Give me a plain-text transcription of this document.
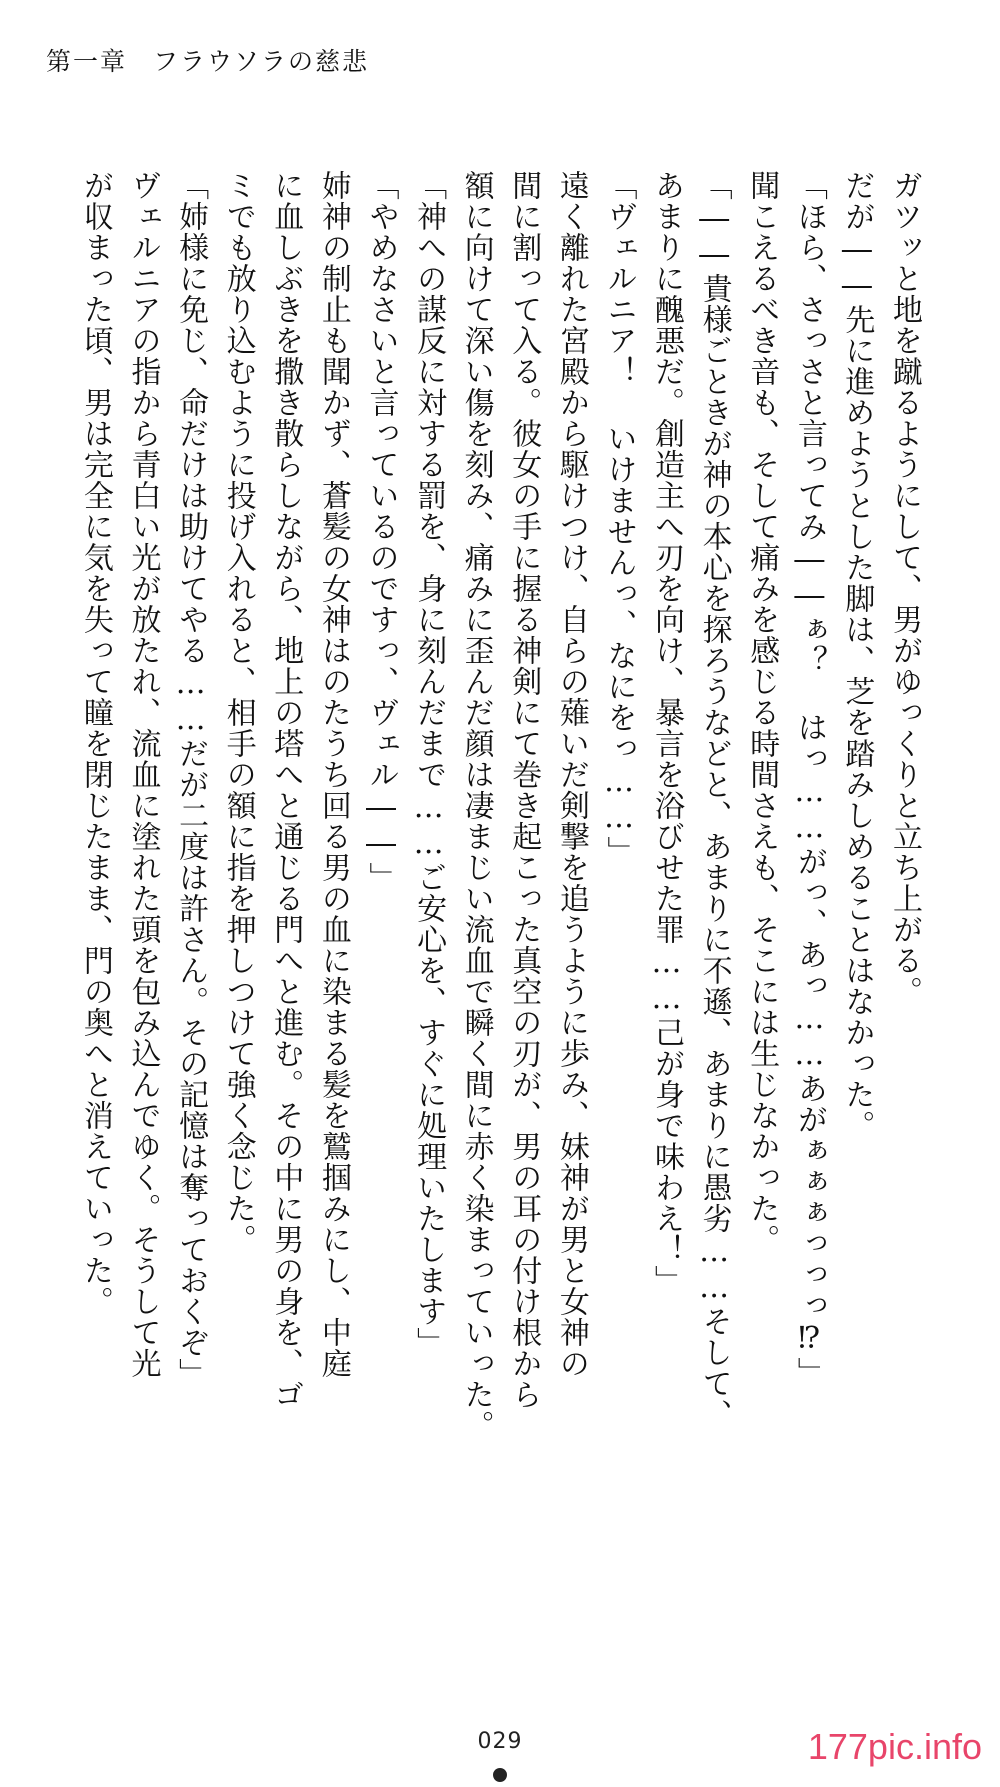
第一章 フラウソラの慈悲
ガツッと地を蹴るようにして、男がゆっくりと立ち上がる。
だが――先に進めようとした脚は、芝を踏みしめることはなかった。
「ほら、さっさと言ってみ――ぁ？ はっ……がっ、あっ……あがぁぁぁっっっ⁉」
聞こえるべき音も、そして痛みを感じる時間さえも、そこには生じなかった。
「――貴様ごときが神の本心を探ろうなどと、あまりに不遜、あまりに愚劣……そして、
あまりに醜悪だ。創造主へ刃を向け、暴言を浴びせた罪……己が身で味わえ！」
「ヴェルニア！ いけませんっ、なにをっ……」
遠く離れた宮殿から駆けつけ、自らの薙いだ剣撃を追うように歩み、妹神が男と女神の
間に割って入る。彼女の手に握る神剣にて巻き起こった真空の刃が、男の耳の付け根から
額に向けて深い傷を刻み、痛みに歪んだ顔は凄まじい流血で瞬く間に赤く染まっていった。
「神への謀反に対する罰を、身に刻んだまで……ご安心を、すぐに処理いたします」
「やめなさいと言っているのですっ、ヴェル――」
姉神の制止も聞かず、蒼髪の女神はのたうち回る男の血に染まる髪を鷲掴みにし、中庭
に血しぶきを撒き散らしながら、地上の塔へと通じる門へと進む。その中に男の身を、ゴ
ミでも放り込むように投げ入れると、相手の額に指を押しつけて強く念じた。
「姉様に免じ、命だけは助けてやる……だが二度は許さん。その記憶は奪っておくぞ」
ヴェルニアの指から青白い光が放たれ、流血に塗れた頭を包み込んでゆく。そうして光
が収まった頃、男は完全に気を失って瞳を閉じたまま、門の奥へと消えていった。
029	177pic.info
